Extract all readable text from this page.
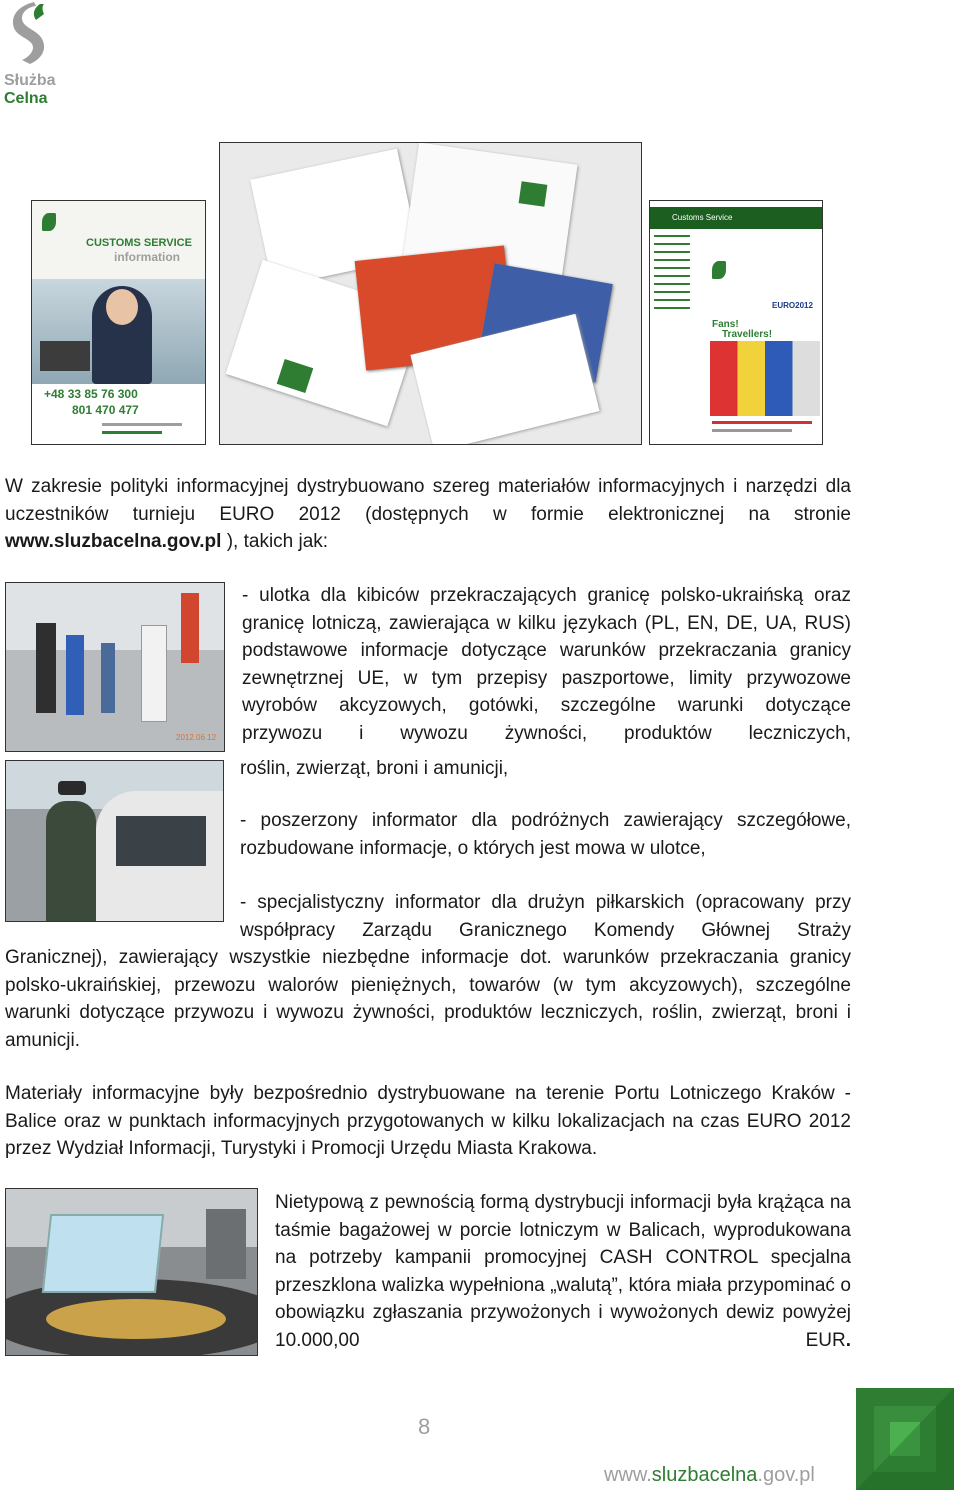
Służba
Celna
CUSTOMS SERVICE
information
+48 33 85 76 300
801 470 477
Customs Service
EURO2012
Fans!
Travellers!

W zakresie polityki informacyjnej dystrybuowano szereg materiałów informacyjnych i narzędzi dla uczestników turnieju EURO 2012 (dostępnych w formie elektronicznej na stronie www.sluzbacelna.gov.pl ), takich jak:

2012.06.12

- ulotka dla kibiców przekraczających granicę polsko-ukraińską oraz granicę lotniczą, zawierająca w kilku językach (PL, EN, DE, UA, RUS) podstawowe informacje dotyczące warunków przekraczania granicy zewnętrznej UE, w tym przepisy paszportowe, limity przywozowe wyrobów akcyzowych, gotówki, szczególne warunki dotyczące przywozu i wywozu żywności, produktów leczniczych,

roślin, zwierząt, broni i amunicji,

- poszerzony informator dla podróżnych zawierający szczegółowe, rozbudowane informacje, o których jest mowa w ulotce,

- specjalistyczny informator dla drużyn piłkarskich (opracowany przy współpracy Zarządu Granicznego Komendy Głównej Straży

Granicznej), zawierający wszystkie niezbędne informacje dot. warunków przekraczania granicy polsko-ukraińskiej, przewozu walorów pieniężnych, towarów (w tym akcyzowych), szczególne warunki dotyczące przywozu i wywozu żywności, produktów leczniczych, roślin, zwierząt, broni i amunicji.

Materiały informacyjne były bezpośrednio dystrybuowane na terenie Portu Lotniczego Kraków - Balice oraz w punktach informacyjnych przygotowanych w kilku lokalizacjach na czas EURO 2012 przez Wydział Informacji, Turystyki i Promocji Urzędu Miasta Krakowa.

Nietypową z pewnością formą dystrybucji informacji była krążąca na taśmie bagażowej w porcie lotniczym w Balicach, wyprodukowana na potrzeby kampanii promocyjnej CASH CONTROL specjalna przeszklona walizka wypełniona „walutą”, która miała przypominać o obowiązku zgłaszania przywożonych i wywożonych dewiz powyżej 10.000,00 EUR.

8
www.sluzbacelna.gov.pl
